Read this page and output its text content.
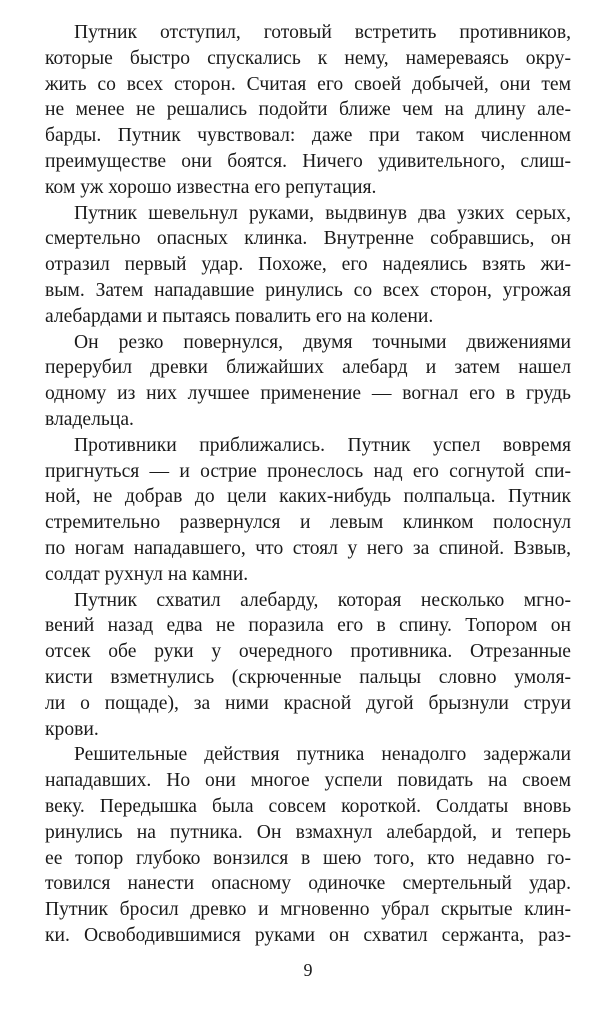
Путник отступил, готовый встретить противников,
которые быстро спускались к нему, намереваясь окру-
жить со всех сторон. Считая его своей добычей, они тем
не менее не решались подойти ближе чем на длину але-
барды. Путник чувствовал: даже при таком численном
преимуществе они боятся. Ничего удивительного, слиш-
ком уж хорошо известна его репутация.

Путник шевельнул руками, выдвинув два узких серых,
смертельно опасных клинка. Внутренне собравшись, он
отразил первый удар. Похоже, его надеялись взять жи-
вым. Затем нападавшие ринулись со всех сторон, угрожая
алебардами и пытаясь повалить его на колени.

Он резко повернулся, двумя точными движениями
перерубил древки ближайших алебард и затем нашел
одному из них лучшее применение — вогнал его в грудь
владельца.

Противники приближались. Путник успел вовремя
пригнуться — и острие пронеслось над его согнутой спи-
ной, не добрав до цели каких-нибудь полпальца. Путник
стремительно развернулся и левым клинком полоснул
по ногам нападавшего, что стоял у него за спиной. Взвыв,
солдат рухнул на камни.

Путник схватил алебарду, которая несколько мгно-
вений назад едва не поразила его в спину. Топором он
отсек обе руки у очередного противника. Отрезанные
кисти взметнулись (скрюченные пальцы словно умоля-
ли о пощаде), за ними красной дугой брызнули струи
крови.

Решительные действия путника ненадолго задержали
нападавших. Но они многое успели повидать на своем
веку. Передышка была совсем короткой. Солдаты вновь
ринулись на путника. Он взмахнул алебардой, и теперь
ее топор глубоко вонзился в шею того, кто недавно го-
товился нанести опасному одиночке смертельный удар.
Путник бросил древко и мгновенно убрал скрытые клин-
ки. Освободившимися руками он схватил сержанта, раз-

9
